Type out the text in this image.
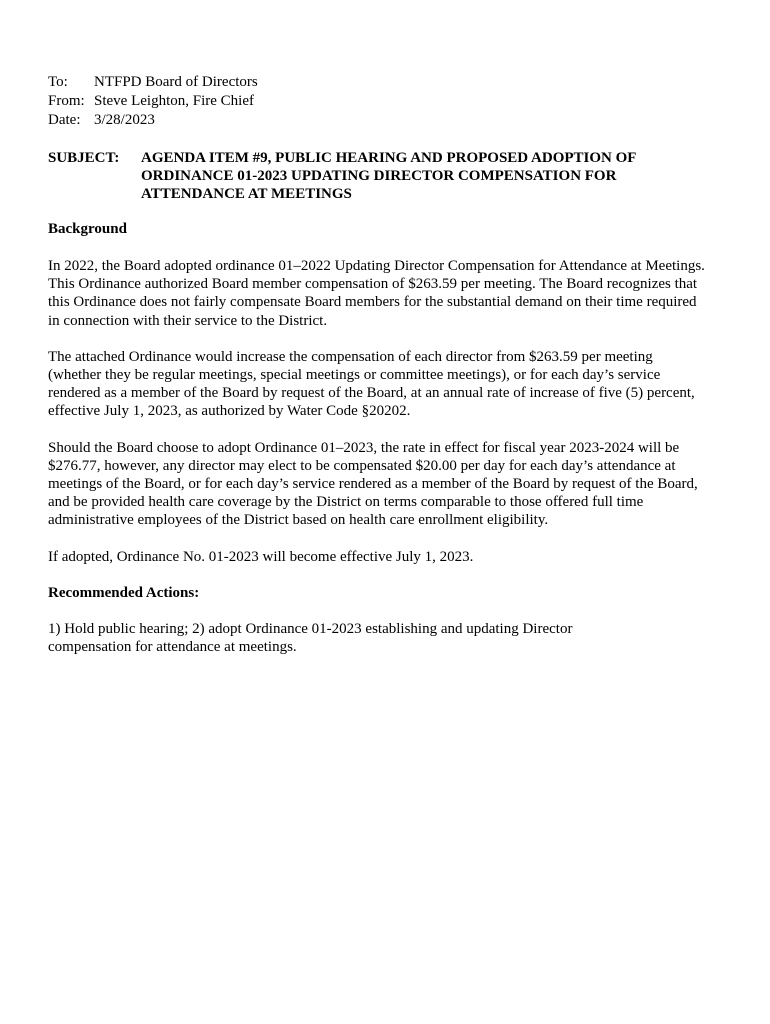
To:	NTFPD Board of Directors
From: Steve Leighton, Fire Chief
Date: 3/28/2023
SUBJECT:	AGENDA ITEM #9, PUBLIC HEARING AND PROPOSED ADOPTION OF ORDINANCE 01-2023 UPDATING DIRECTOR COMPENSATION FOR ATTENDANCE AT MEETINGS
Background

In 2022, the Board adopted ordinance 01–2022 Updating Director Compensation for Attendance at Meetings. This Ordinance authorized Board member compensation of $263.59 per meeting. The Board recognizes that this Ordinance does not fairly compensate Board members for the substantial demand on their time required in connection with their service to the District.

The attached Ordinance would increase the compensation of each director from $263.59 per meeting (whether they be regular meetings, special meetings or committee meetings), or for each day’s service rendered as a member of the Board by request of the Board, at an annual rate of increase of five (5) percent, effective July 1, 2023, as authorized by Water Code §20202.

Should the Board choose to adopt Ordinance 01–2023, the rate in effect for fiscal year 2023-2024 will be $276.77, however, any director may elect to be compensated $20.00 per day for each day’s attendance at meetings of the Board, or for each day’s service rendered as a member of the Board by request of the Board, and be provided health care coverage by the District on terms comparable to those offered full time administrative employees of the District based on health care enrollment eligibility.

If adopted, Ordinance No. 01-2023 will become effective July 1, 2023.

Recommended Actions:

1) Hold public hearing; 2) adopt Ordinance 01-2023 establishing and updating Director compensation for attendance at meetings.
